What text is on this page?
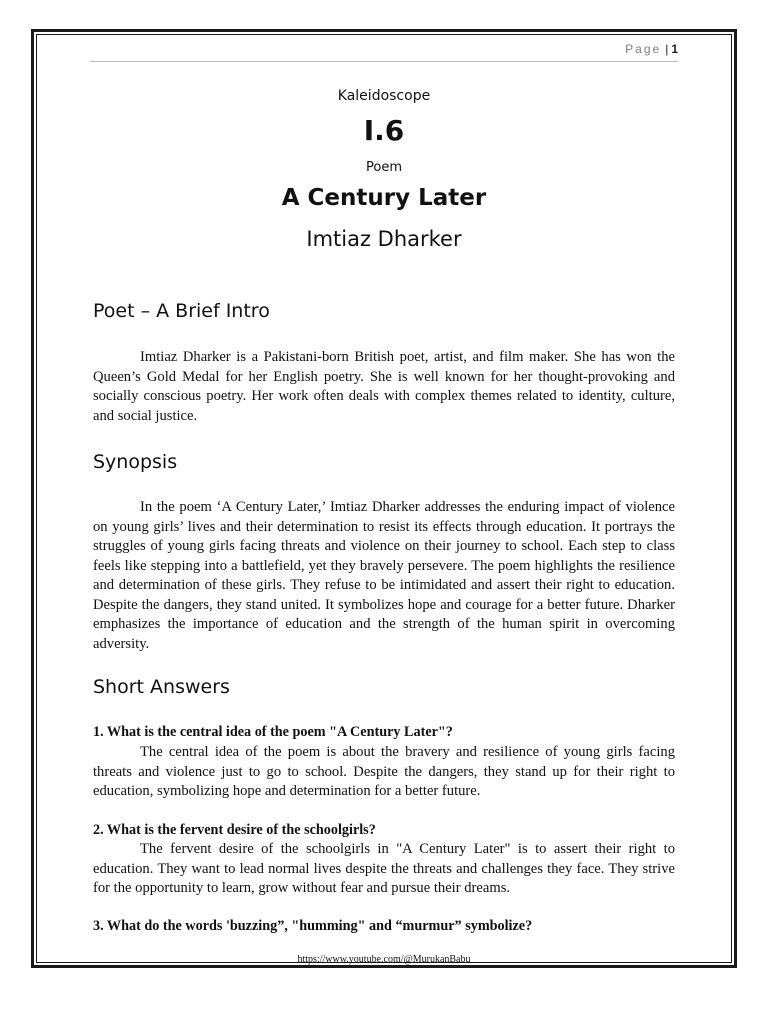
Page | 1
Kaleidoscope
I.6
Poem
A Century Later
Imtiaz Dharker
Poet – A Brief Intro

Imtiaz Dharker is a Pakistani-born British poet, artist, and film maker. She has won the Queen’s Gold Medal for her English poetry. She is well known for her thought-provoking and socially conscious poetry. Her work often deals with complex themes related to identity, culture, and social justice.

Synopsis

In the poem ‘A Century Later,’ Imtiaz Dharker addresses the enduring impact of violence on young girls’ lives and their determination to resist its effects through education. It portrays the struggles of young girls facing threats and violence on their journey to school. Each step to class feels like stepping into a battlefield, yet they bravely persevere. The poem highlights the resilience and determination of these girls. They refuse to be intimidated and assert their right to education. Despite the dangers, they stand united. It symbolizes hope and courage for a better future. Dharker emphasizes the importance of education and the strength of the human spirit in overcoming adversity.

Short Answers

1. What is the central idea of the poem "A Century Later"?

The central idea of the poem is about the bravery and resilience of young girls facing threats and violence just to go to school. Despite the dangers, they stand up for their right to education, symbolizing hope and determination for a better future.

2. What is the fervent desire of the schoolgirls?

The fervent desire of the schoolgirls in "A Century Later" is to assert their right to education. They want to lead normal lives despite the threats and challenges they face. They strive for the opportunity to learn, grow without fear and pursue their dreams.

3. What do the words 'buzzing”, "humming" and “murmur” symbolize?

https://www.youtube.com/@MurukanBabu
